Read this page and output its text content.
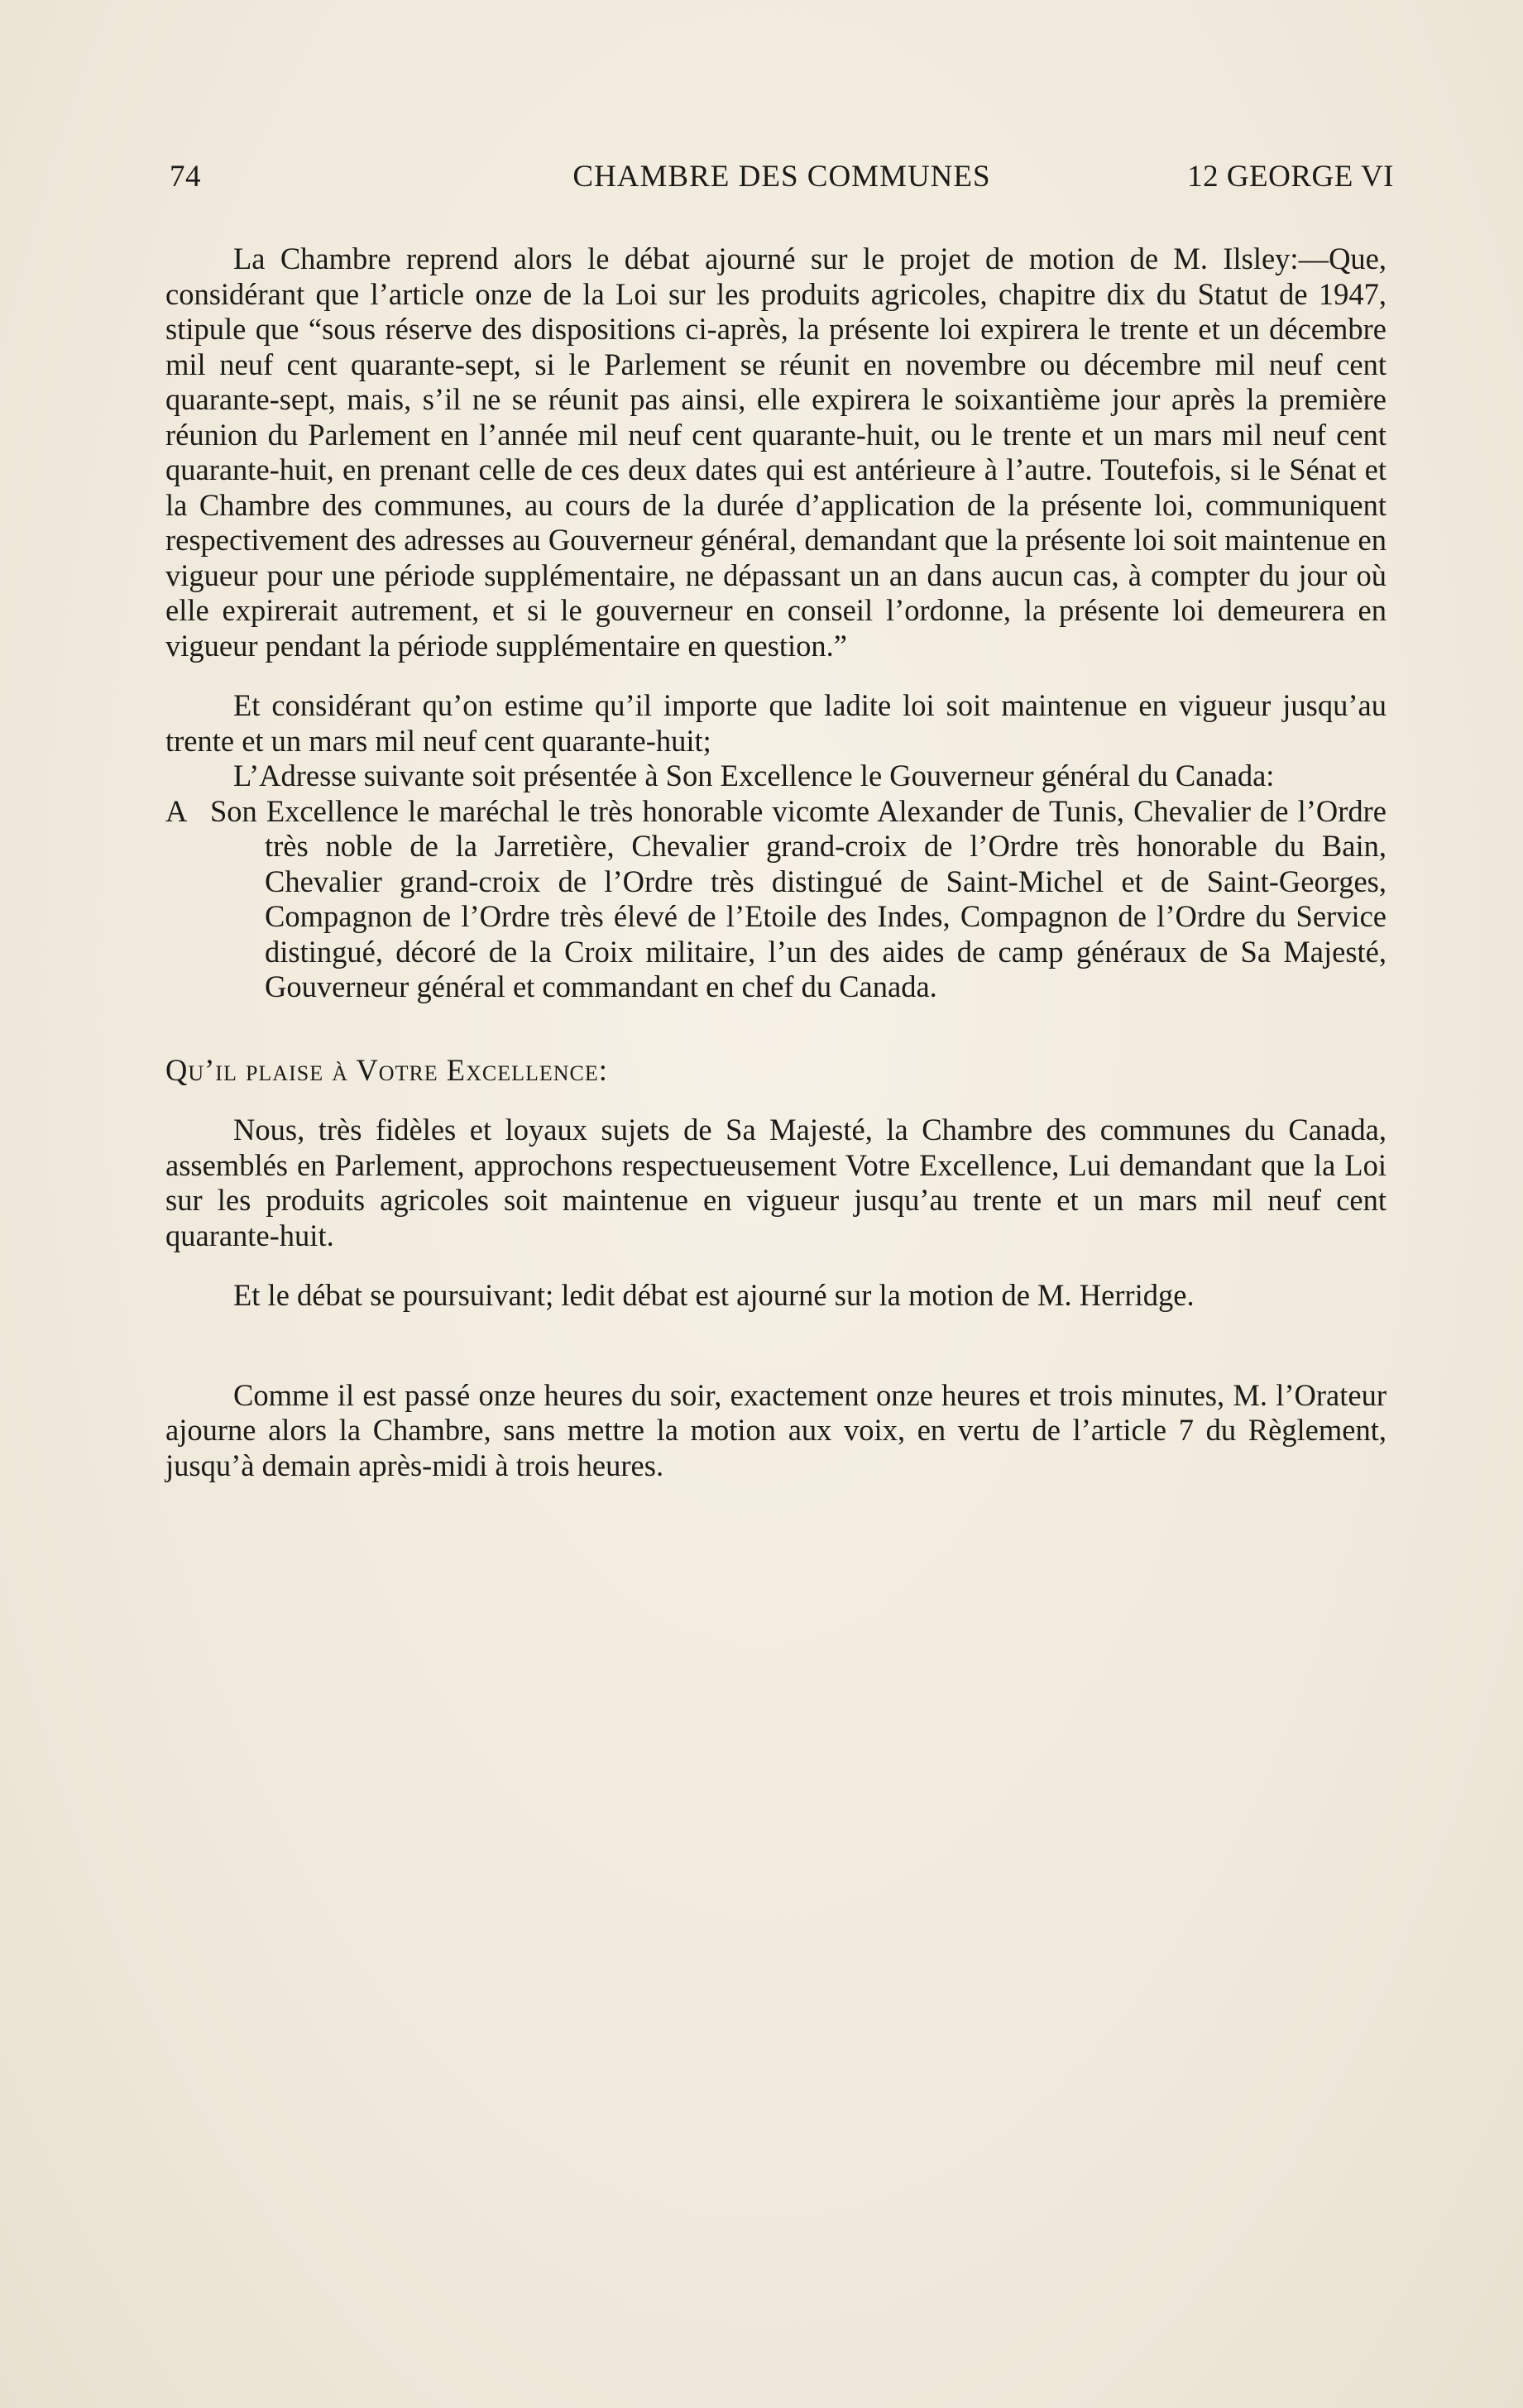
74	CHAMBRE DES COMMUNES	12 GEORGE VI

La Chambre reprend alors le débat ajourné sur le projet de motion de M. Ilsley:—Que, considérant que l’article onze de la Loi sur les produits agricoles, chapitre dix du Statut de 1947, stipule que “sous réserve des dispositions ci-après, la présente loi expirera le trente et un décembre mil neuf cent quarante-sept, si le Parlement se réunit en novembre ou décembre mil neuf cent quarante-sept, mais, s’il ne se réunit pas ainsi, elle expirera le soixantième jour après la première réunion du Parlement en l’année mil neuf cent quarante-huit, ou le trente et un mars mil neuf cent quarante-huit, en prenant celle de ces deux dates qui est antérieure à l’autre. Toutefois, si le Sénat et la Chambre des communes, au cours de la durée d’application de la présente loi, communiquent respectivement des adresses au Gouverneur général, demandant que la présente loi soit maintenue en vigueur pour une période supplémentaire, ne dépassant un an dans aucun cas, à compter du jour où elle expirerait autrement, et si le gouverneur en conseil l’ordonne, la présente loi demeurera en vigueur pendant la période supplémentaire en question.”

Et considérant qu’on estime qu’il importe que ladite loi soit maintenue en vigueur jusqu’au trente et un mars mil neuf cent quarante-huit;

L’Adresse suivante soit présentée à Son Excellence le Gouverneur général du Canada:

A Son Excellence le maréchal le très honorable vicomte Alexander de Tunis, Chevalier de l’Ordre très noble de la Jarretière, Chevalier grand-croix de l’Ordre très honorable du Bain, Chevalier grand-croix de l’Ordre très distingué de Saint-Michel et de Saint-Georges, Compagnon de l’Ordre très élevé de l’Etoile des Indes, Compagnon de l’Ordre du Service distingué, décoré de la Croix militaire, l’un des aides de camp généraux de Sa Majesté, Gouverneur général et commandant en chef du Canada.

Qu’il plaise à Votre Excellence:

Nous, très fidèles et loyaux sujets de Sa Majesté, la Chambre des communes du Canada, assemblés en Parlement, approchons respectueusement Votre Excellence, Lui demandant que la Loi sur les produits agricoles soit maintenue en vigueur jusqu’au trente et un mars mil neuf cent quarante-huit.

Et le débat se poursuivant; ledit débat est ajourné sur la motion de M. Herridge.

Comme il est passé onze heures du soir, exactement onze heures et trois minutes, M. l’Orateur ajourne alors la Chambre, sans mettre la motion aux voix, en vertu de l’article 7 du Règlement, jusqu’à demain après-midi à trois heures.
